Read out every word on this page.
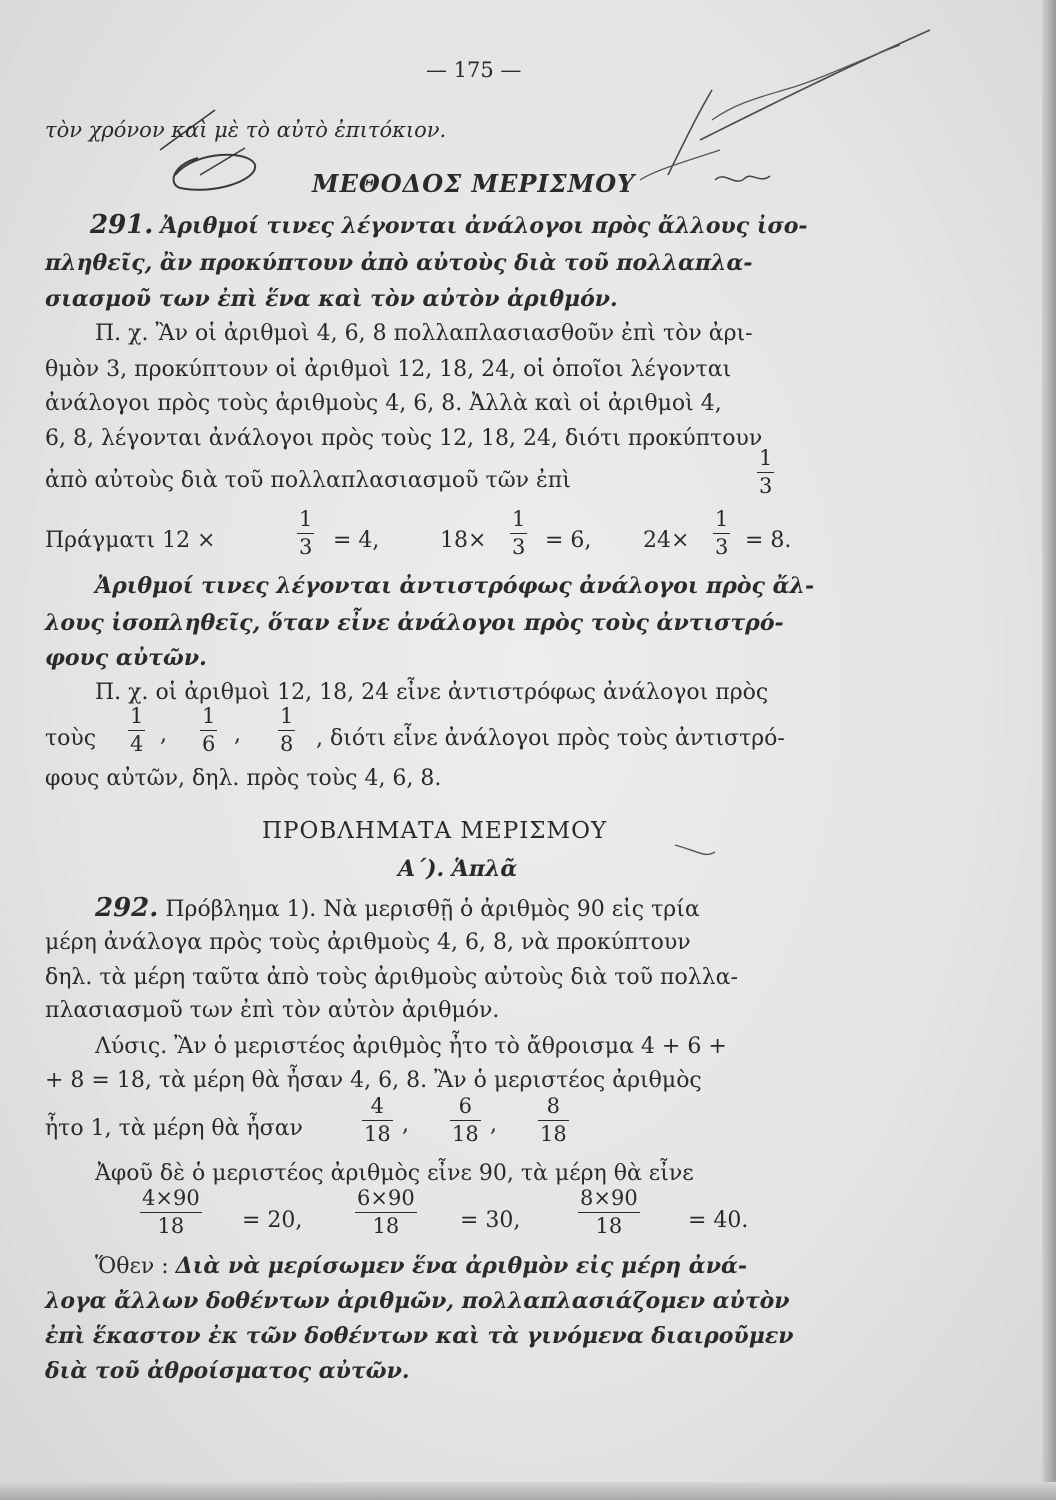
— 175 —
τὸν χρόνον καὶ μὲ τὸ αὐτὸ ἐπιτόκιον.
ΜΕΘΟΔΟΣ ΜΕΡΙΣΜΟΥ
291. Ἀριθμοί τινες λέγονται ἀνάλογοι πρὸς ἄλλους ἰσο-
πληθεῖς, ἂν προκύπτουν ἀπὸ αὐτοὺς διὰ τοῦ πολλαπλα-
σιασμοῦ των ἐπὶ ἕνα καὶ τὸν αὐτὸν ἀριθμόν.
Π. χ. Ἂν οἱ ἀριθμοὶ 4, 6, 8 πολλαπλασιασθοῦν ἐπὶ τὸν ἀρι-
θμὸν 3, προκύπτουν οἱ ἀριθμοὶ 12, 18, 24, οἱ ὁποῖοι λέγονται
ἀνάλογοι πρὸς τοὺς ἀριθμοὺς 4, 6, 8. Ἀλλὰ καὶ οἱ ἀριθμοὶ 4,
6, 8, λέγονται ἀνάλογοι πρὸς τοὺς 12, 18, 24, διότι προκύπτουν
ἀπὸ αὐτοὺς διὰ τοῦ πολλαπλασιασμοῦ τῶν ἐπὶ	$\frac{1}{3}$
Πράγματι 12 ×	$\frac{1}{3} = 4$,	$18\times \frac{1}{3} = 6$, $24\times \frac{1}{3} = 8$.
Ἀριθμοί τινες λέγονται ἀντιστρόφως ἀνάλογοι πρὸς ἄλ-
λους ἰσοπληθεῖς, ὅταν εἶνε ἀνάλογοι πρὸς τοὺς ἀντιστρό-
φους αὐτῶν.
Π. χ. οἱ ἀριθμοὶ 12, 18, 24 εἶνε ἀντιστρόφως ἀνάλογοι πρὸς
τοὺς $\frac{1}{4}$ , $\frac{1}{6}$ , $\frac{1}{8}$ , διότι εἶνε ἀνάλογοι πρὸς τοὺς ἀντιστρό-
φους αὐτῶν, δηλ. πρὸς τοὺς 4, 6, 8.
ΠΡΟΒΛΗΜΑΤΑ ΜΕΡΙΣΜΟΥ
Α΄). Ἁπλᾶ
292. Πρόβλημα 1). Νὰ μερισθῇ ὁ ἀριθμὸς 90 εἰς τρία
μέρη ἀνάλογα πρὸς τοὺς ἀριθμοὺς 4, 6, 8, νὰ προκύπτουν
δηλ. τὰ μέρη ταῦτα ἀπὸ τοὺς ἀριθμοὺς αὐτοὺς διὰ τοῦ πολλα-
πλασιασμοῦ των ἐπὶ τὸν αὐτὸν ἀριθμόν.
Λύσις. Ἂν ὁ μεριστέος ἀριθμὸς ἦτο τὸ ἄθροισμα 4 + 6 +
+ 8 = 18, τὰ μέρη θὰ ἦσαν 4, 6, 8. Ἂν ὁ μεριστέος ἀριθμὸς
ἦτο 1, τὰ μέρη θὰ ἦσαν	$\frac{4}{18}$ , $\frac{6}{18}$ , $\frac{8}{18}$
Ἀφοῦ δὲ ὁ μεριστέος ἀριθμὸς εἶνε 90, τὰ μέρη θὰ εἶνε
$\frac{4\times 90}{18} = 20$,	$\frac{6\times 90}{18} = 30$,	$\frac{8\times 90}{18} = 40$.
Ὅθεν : Διὰ νὰ μερίσωμεν ἕνα ἀριθμὸν εἰς μέρη ἀνά-
λογα ἄλλων δοθέντων ἀριθμῶν, πολλαπλασιάζομεν αὐτὸν
ἐπὶ ἕκαστον ἐκ τῶν δοθέντων καὶ τὰ γινόμενα διαιροῦμεν
διὰ τοῦ ἀθροίσματος αὐτῶν.
